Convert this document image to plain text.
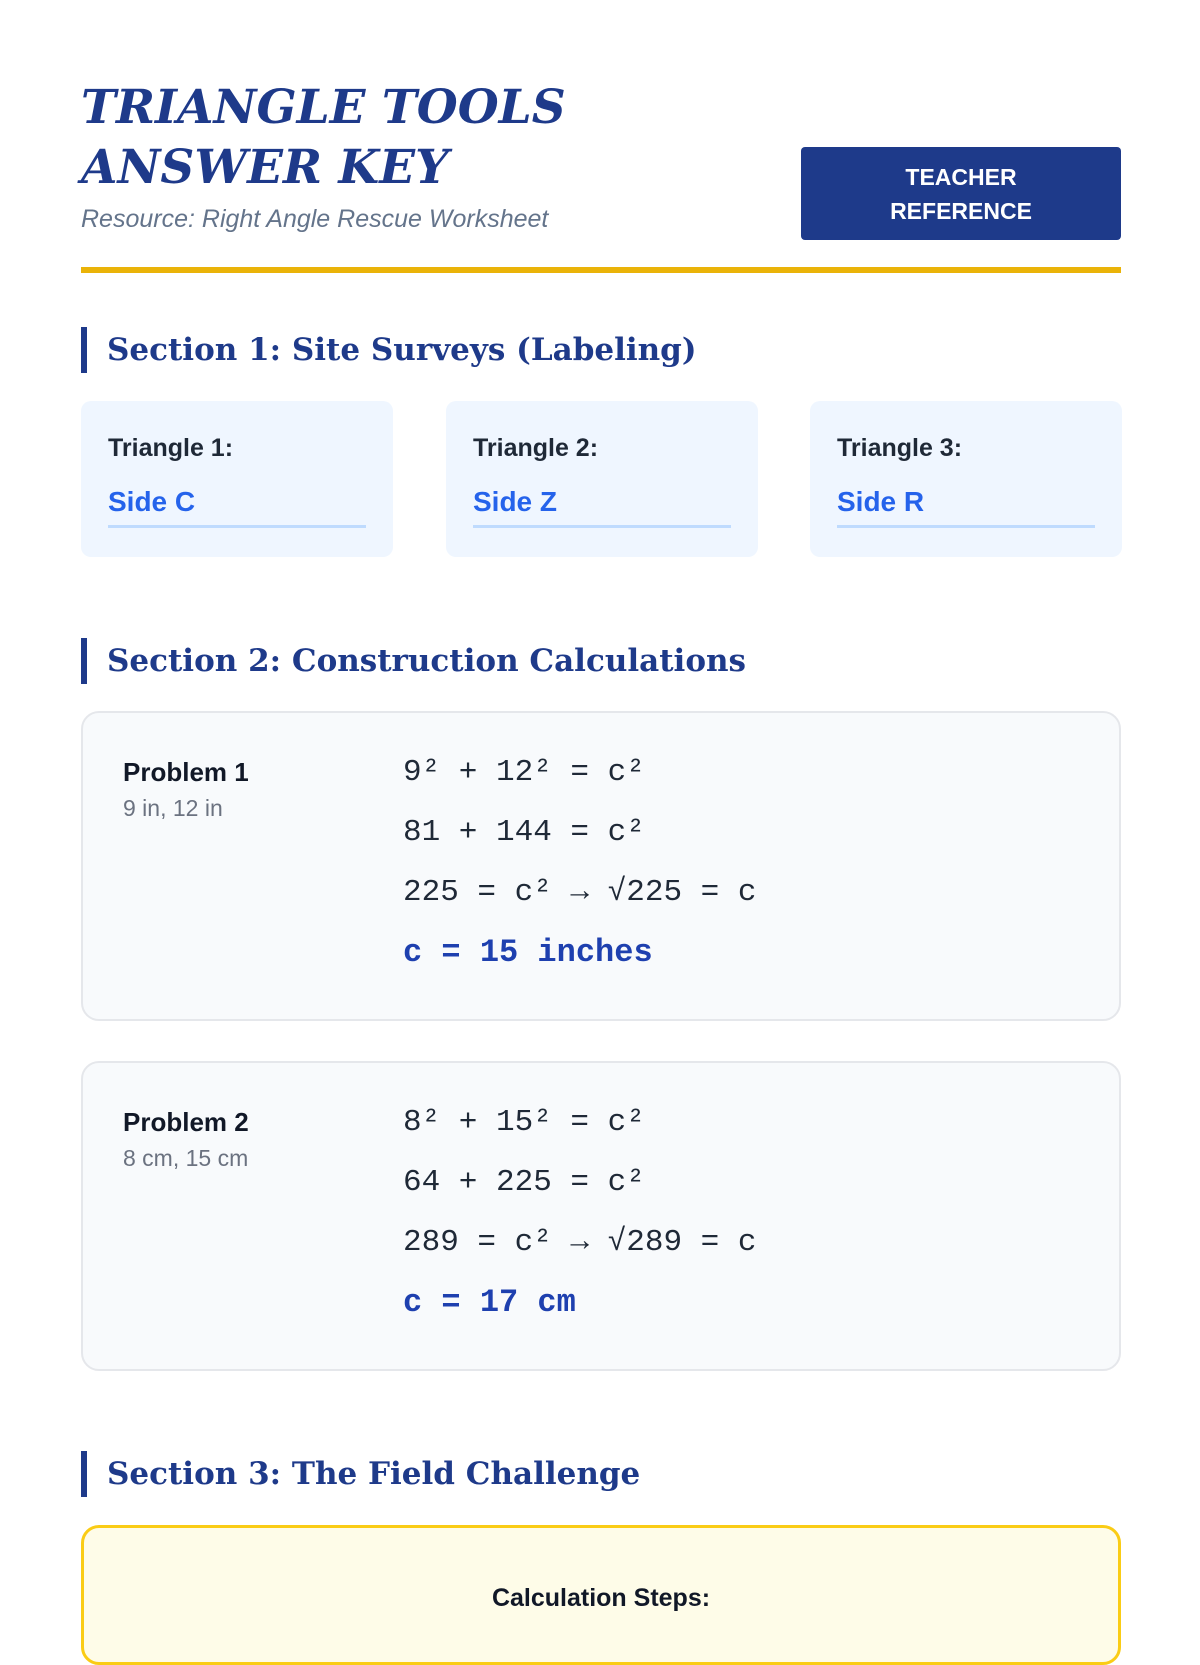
TRIANGLE TOOLS ANSWER KEY
Resource: Right Angle Rescue Worksheet
TEACHER REFERENCE
Section 1: Site Surveys (Labeling)
Triangle 1:
Side C
Triangle 2:
Side Z
Triangle 3:
Side R
Section 2: Construction Calculations
Problem 1
9 in, 12 in
9² + 12² = c²
81 + 144 = c²
225 = c² → √225 = c
c = 15 inches
Problem 2
8 cm, 15 cm
8² + 15² = c²
64 + 225 = c²
289 = c² → √289 = c
c = 17 cm
Section 3: The Field Challenge
Calculation Steps:
